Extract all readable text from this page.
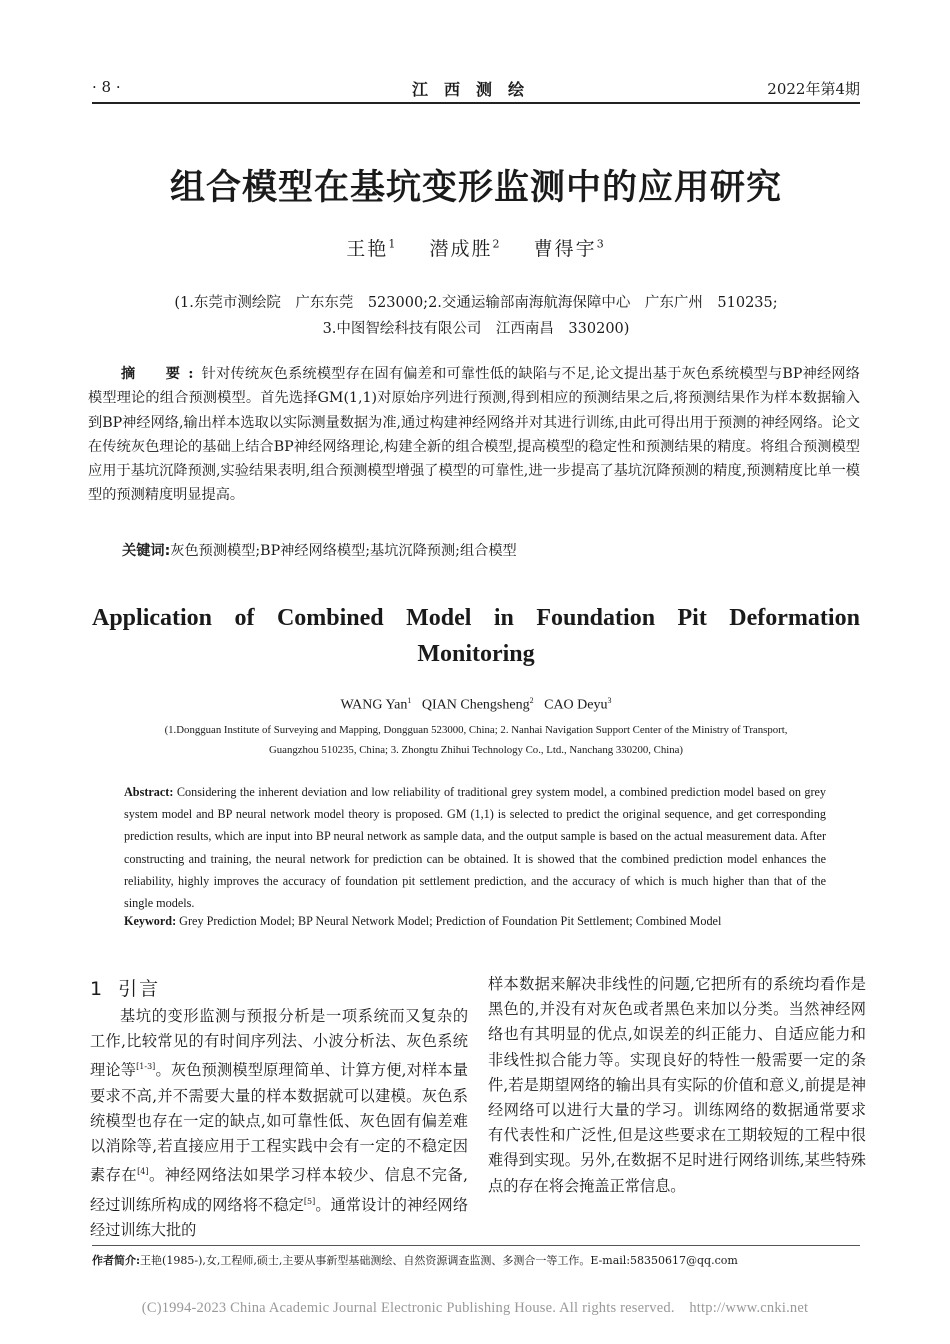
· 8 ·	江西测绘	2022年第4期
组合模型在基坑变形监测中的应用研究
王艳$^1$ 潜成胜$^2$ 曹得宇$^3$
(1.东莞市测绘院　广东东莞　523000;2.交通运输部南海航海保障中心　广东广州　510235;
3.中图智绘科技有限公司　江西南昌　330200)
摘　要:针对传统灰色系统模型存在固有偏差和可靠性低的缺陷与不足,论文提出基于灰色系统模型与BP神经网络模型理论的组合预测模型。首先选择GM(1,1)对原始序列进行预测,得到相应的预测结果之后,将预测结果作为样本数据输入到BP神经网络,输出样本选取以实际测量数据为准,通过构建神经网络并对其进行训练,由此可得出用于预测的神经网络。论文在传统灰色理论的基础上结合BP神经网络理论,构建全新的组合模型,提高模型的稳定性和预测结果的精度。将组合预测模型应用于基坑沉降预测,实验结果表明,组合预测模型增强了模型的可靠性,进一步提高了基坑沉降预测的精度,预测精度比单一模型的预测精度明显提高。
关键词:灰色预测模型;BP神经网络模型;基坑沉降预测;组合模型
Application of Combined Model in Foundation Pit Deformation
Monitoring
WANG Yan$^1$ QIAN Chengsheng$^2$ CAO Deyu$^3$
(1.Dongguan Institute of Surveying and Mapping, Dongguan 523000, China; 2. Nanhai Navigation Support Center of the Ministry of Transport,
Guangzhou 510235, China; 3. Zhongtu Zhihui Technology Co., Ltd., Nanchang 330200, China)
Abstract: Considering the inherent deviation and low reliability of traditional grey system model, a combined prediction model based on grey system model and BP neural network model theory is proposed. GM (1,1) is selected to predict the original sequence, and get corresponding prediction results, which are input into BP neural network as sample data, and the output sample is based on the actual measurement data. After constructing and training, the neural network for prediction can be obtained. It is showed that the combined prediction model enhances the reliability, highly improves the accuracy of foundation pit settlement prediction, and the accuracy of which is much higher than that of the single models.
Keyword: Grey Prediction Model; BP Neural Network Model; Prediction of Foundation Pit Settlement; Combined Model
1 引言

基坑的变形监测与预报分析是一项系统而又复杂的工作,比较常见的有时间序列法、小波分析法、灰色系统理论等[1-3]。灰色预测模型原理简单、计算方便,对样本量要求不高,并不需要大量的样本数据就可以建模。灰色系统模型也存在一定的缺点,如可靠性低、灰色固有偏差难以消除等,若直接应用于工程实践中会有一定的不稳定因素存在[4]。神经网络法如果学习样本较少、信息不完备,经过训练所构成的网络将不稳定[5]。通常设计的神经网络经过训练大批的

样本数据来解决非线性的问题,它把所有的系统均看作是黑色的,并没有对灰色或者黑色来加以分类。当然神经网络也有其明显的优点,如误差的纠正能力、自适应能力和非线性拟合能力等。实现良好的特性一般需要一定的条件,若是期望网络的输出具有实际的价值和意义,前提是神经网络可以进行大量的学习。训练网络的数据通常要求有代表性和广泛性,但是这些要求在工期较短的工程中很难得到实现。另外,在数据不足时进行网络训练,某些特殊点的存在将会掩盖正常信息。

作者简介:王艳(1985-),女,工程师,硕士,主要从事新型基础测绘、自然资源调查监测、多测合一等工作。E-mail:58350617@qq.com
(C)1994-2023 China Academic Journal Electronic Publishing House. All rights reserved.　http://www.cnki.net
